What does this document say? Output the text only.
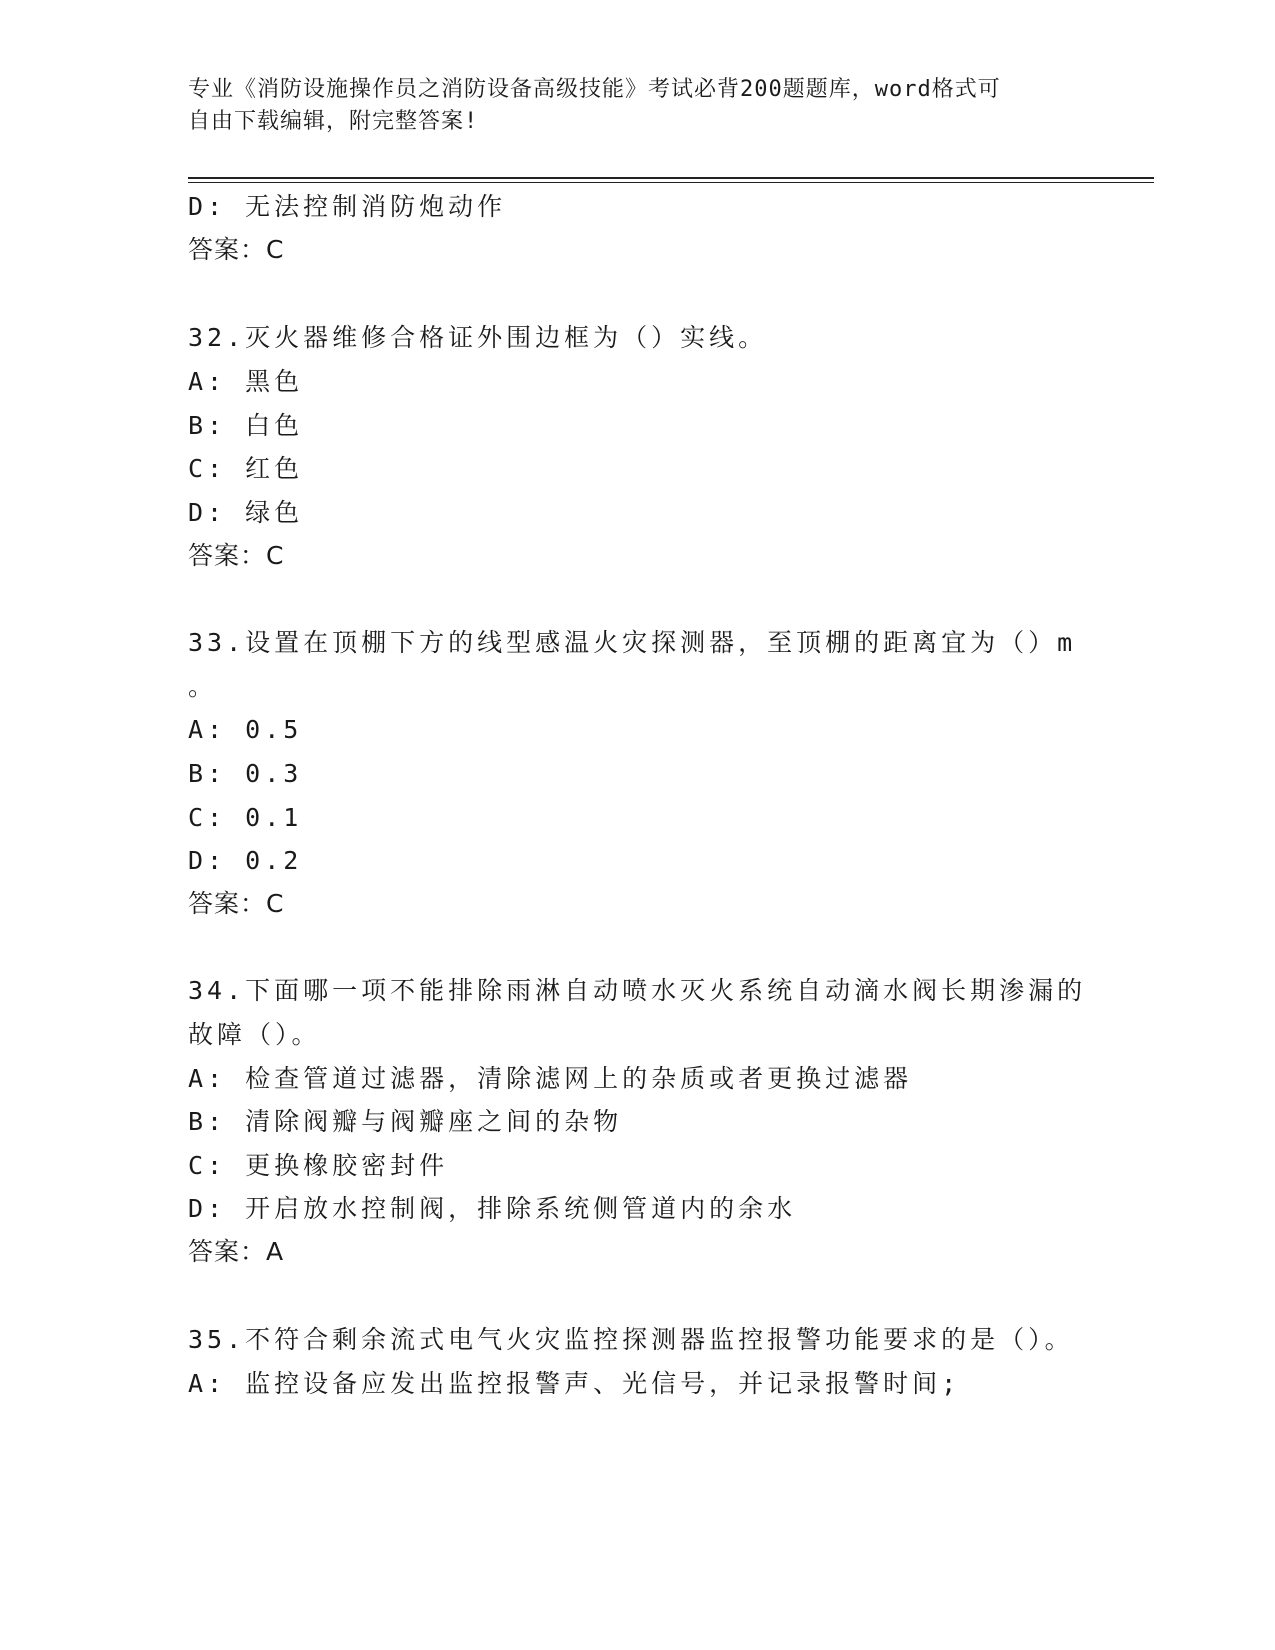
专业《消防设施操作员之消防设备高级技能》考试必背200题题库，word格式可
自由下载编辑，附完整答案!
D: 无法控制消防炮动作
答案：C
32.灭火器维修合格证外围边框为（）实线。
A: 黑色
B: 白色
C: 红色
D: 绿色
答案：C
33.设置在顶棚下方的线型感温火灾探测器，至顶棚的距离宜为（）m
。
A: 0.5
B: 0.3
C: 0.1
D: 0.2
答案：C
34.下面哪一项不能排除雨淋自动喷水灭火系统自动滴水阀长期渗漏的
故障（）。
A: 检查管道过滤器，清除滤网上的杂质或者更换过滤器
B: 清除阀瓣与阀瓣座之间的杂物
C: 更换橡胶密封件
D: 开启放水控制阀，排除系统侧管道内的余水
答案：A
35.不符合剩余流式电气火灾监控探测器监控报警功能要求的是（）。
A: 监控设备应发出监控报警声、光信号，并记录报警时间;
